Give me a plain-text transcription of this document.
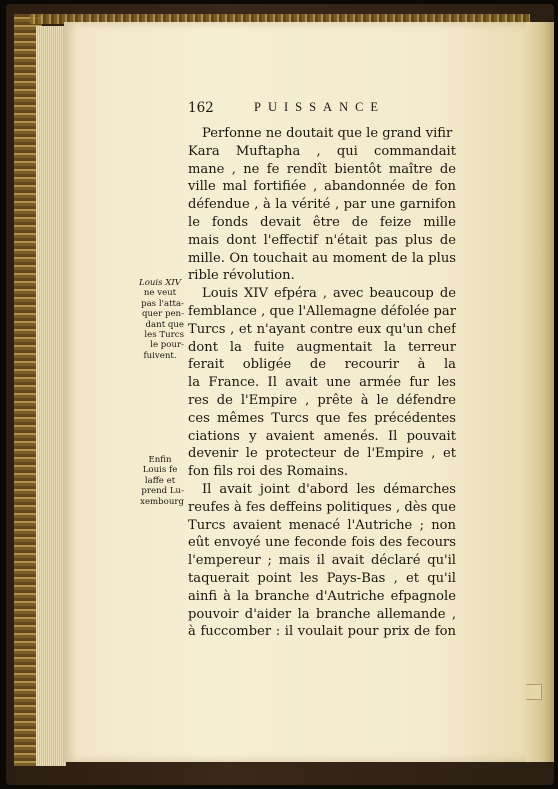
162	PUISSANCE
Louis XIV
ne veut
pas l'atta-
quer pen-
dant que
les Turcs
le pour-
fuivent.
Enfin
Louis fe
laffe et
prend Lu-
xembourg
Perfonne ne doutait que le grand vifir
Kara Muftapha , qui commandait
mane , ne fe rendît bientôt maître de
ville mal fortifiée , abandonnée de fon
défendue , à la vérité , par une garnifon
le fonds devait être de feize mille
mais dont l'effectif n'était pas plus de
mille. On touchait au moment de la plus
rible révolution.
Louis XIV efpéra , avec beaucoup de
femblance , que l'Allemagne défolée par
Turcs , et n'ayant contre eux qu'un chef
dont la fuite augmentait la terreur
ferait obligée de recourir à la
la France. Il avait une armée fur les
res de l'Empire , prête à le défendre
ces mêmes Turcs que fes précédentes
ciations y avaient amenés. Il pouvait
devenir le protecteur de l'Empire , et
fon fils roi des Romains.
Il avait joint d'abord les démarches
reufes à fes deffeins politiques , dès que
Turcs avaient menacé l'Autriche ; non
eût envoyé une feconde fois des fecours
l'empereur ; mais il avait déclaré qu'il
taquerait point les Pays-Bas , et qu'il
ainfi à la branche d'Autriche efpagnole
pouvoir d'aider la branche allemande ,
à fuccomber : il voulait pour prix de fon
